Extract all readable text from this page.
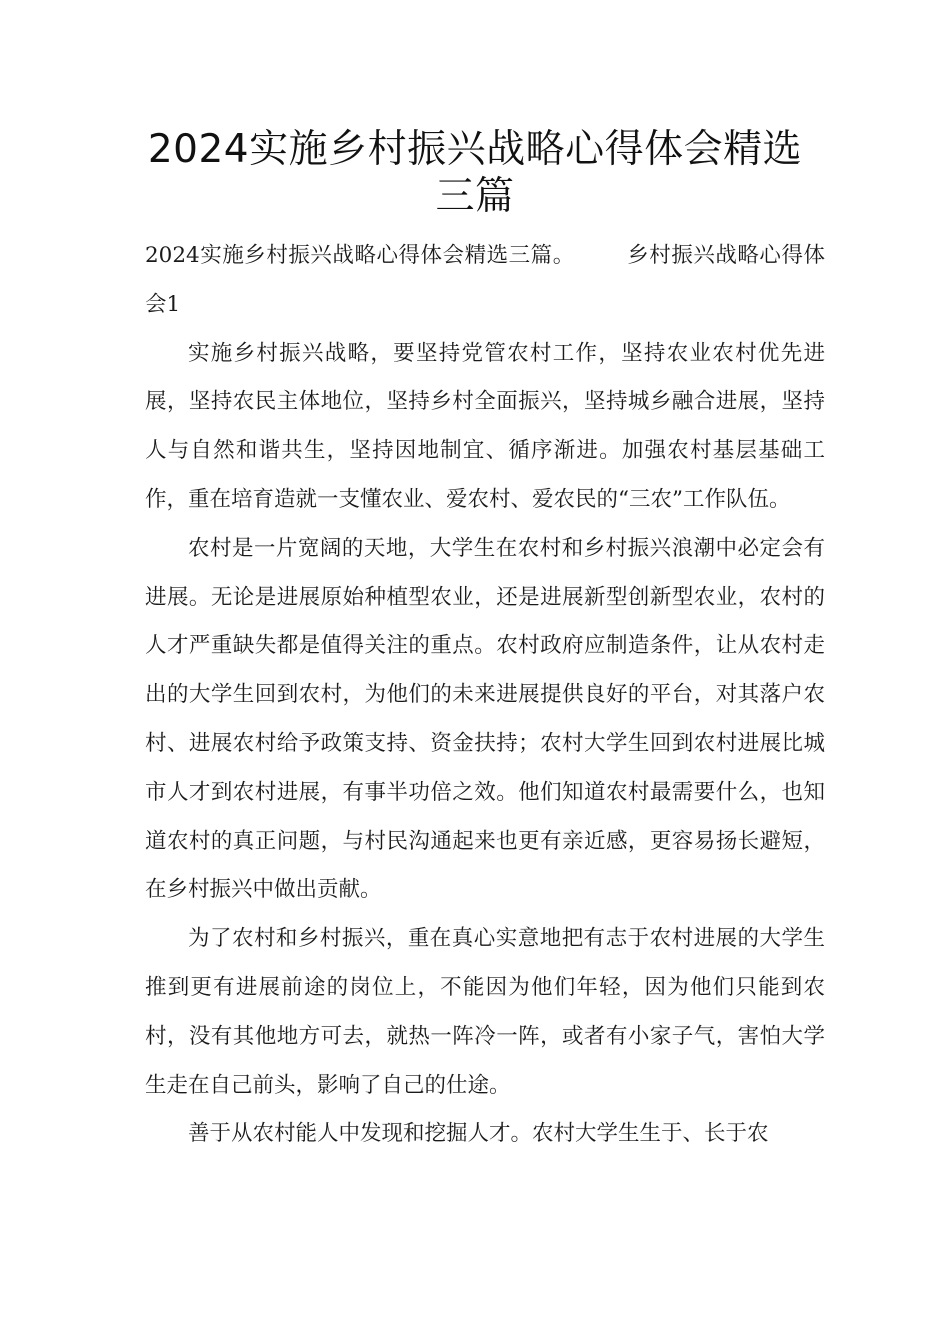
2024实施乡村振兴战略心得体会精选三篇

2024实施乡村振兴战略心得体会精选三篇。 乡村振兴战略心得体会1

实施乡村振兴战略，要坚持党管农村工作，坚持农业农村优先进展，坚持农民主体地位，坚持乡村全面振兴，坚持城乡融合进展，坚持人与自然和谐共生，坚持因地制宜、循序渐进。加强农村基层基础工作，重在培育造就一支懂农业、爱农村、爱农民的“三农”工作队伍。

农村是一片宽阔的天地，大学生在农村和乡村振兴浪潮中必定会有进展。无论是进展原始种植型农业，还是进展新型创新型农业，农村的人才严重缺失都是值得关注的重点。农村政府应制造条件，让从农村走出的大学生回到农村，为他们的未来进展提供良好的平台，对其落户农村、进展农村给予政策支持、资金扶持；农村大学生回到农村进展比城市人才到农村进展，有事半功倍之效。他们知道农村最需要什么，也知道农村的真正问题，与村民沟通起来也更有亲近感，更容易扬长避短，在乡村振兴中做出贡献。

为了农村和乡村振兴，重在真心实意地把有志于农村进展的大学生推到更有进展前途的岗位上，不能因为他们年轻，因为他们只能到农村，没有其他地方可去，就热一阵冷一阵，或者有小家子气，害怕大学生走在自己前头，影响了自己的仕途。

善于从农村能人中发现和挖掘人才。农村大学生生于、长于农
